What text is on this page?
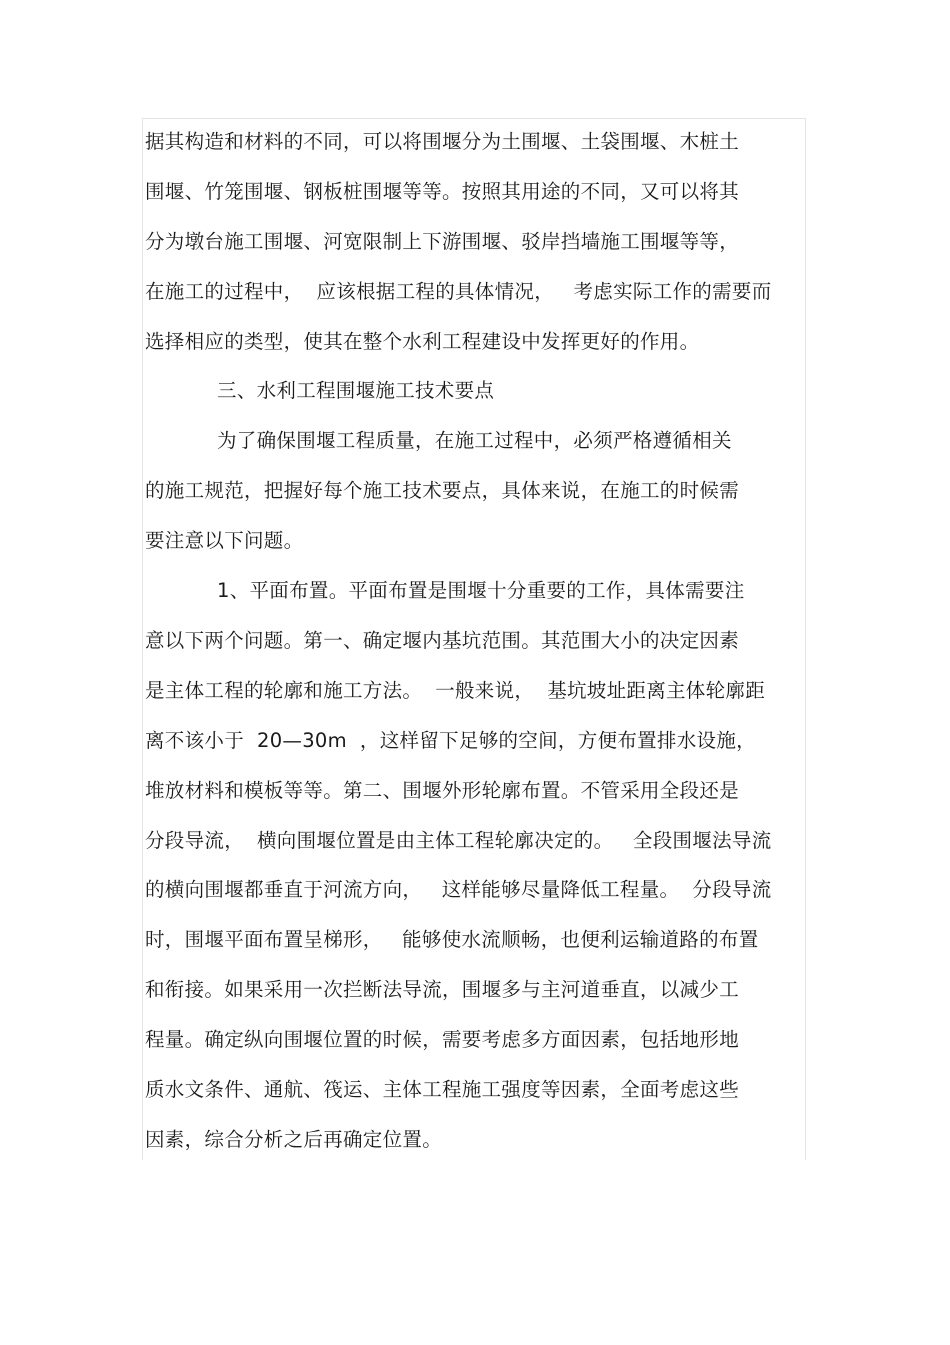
据其构造和材料的不同，可以将围堰分为土围堰、土袋围堰、木桩土
围堰、竹笼围堰、钢板桩围堰等等。按照其用途的不同，又可以将其
分为墩台施工围堰、河宽限制上下游围堰、驳岸挡墙施工围堰等等，
在施工的过程中，  应该根据工程的具体情况，   考虑实际工作的需要而
选择相应的类型，使其在整个水利工程建设中发挥更好的作用。
三、水利工程围堰施工技术要点
为了确保围堰工程质量，在施工过程中，必须严格遵循相关
的施工规范，把握好每个施工技术要点，具体来说，在施工的时候需
要注意以下问题。
1、平面布置。平面布置是围堰十分重要的工作，具体需要注
意以下两个问题。第一、确定堰内基坑范围。其范围大小的决定因素
是主体工程的轮廓和施工方法。  一般来说，  基坑坡址距离主体轮廓距
离不该小于  20—30m  ，这样留下足够的空间，方便布置排水设施，
堆放材料和模板等等。第二、围堰外形轮廓布置。不管采用全段还是
分段导流，  横向围堰位置是由主体工程轮廓决定的。   全段围堰法导流
的横向围堰都垂直于河流方向，   这样能够尽量降低工程量。  分段导流
时，围堰平面布置呈梯形，   能够使水流顺畅，也便利运输道路的布置
和衔接。如果采用一次拦断法导流，围堰多与主河道垂直，以减少工
程量。确定纵向围堰位置的时候，需要考虑多方面因素，包括地形地
质水文条件、通航、筏运、主体工程施工强度等因素，全面考虑这些
因素，综合分析之后再确定位置。
